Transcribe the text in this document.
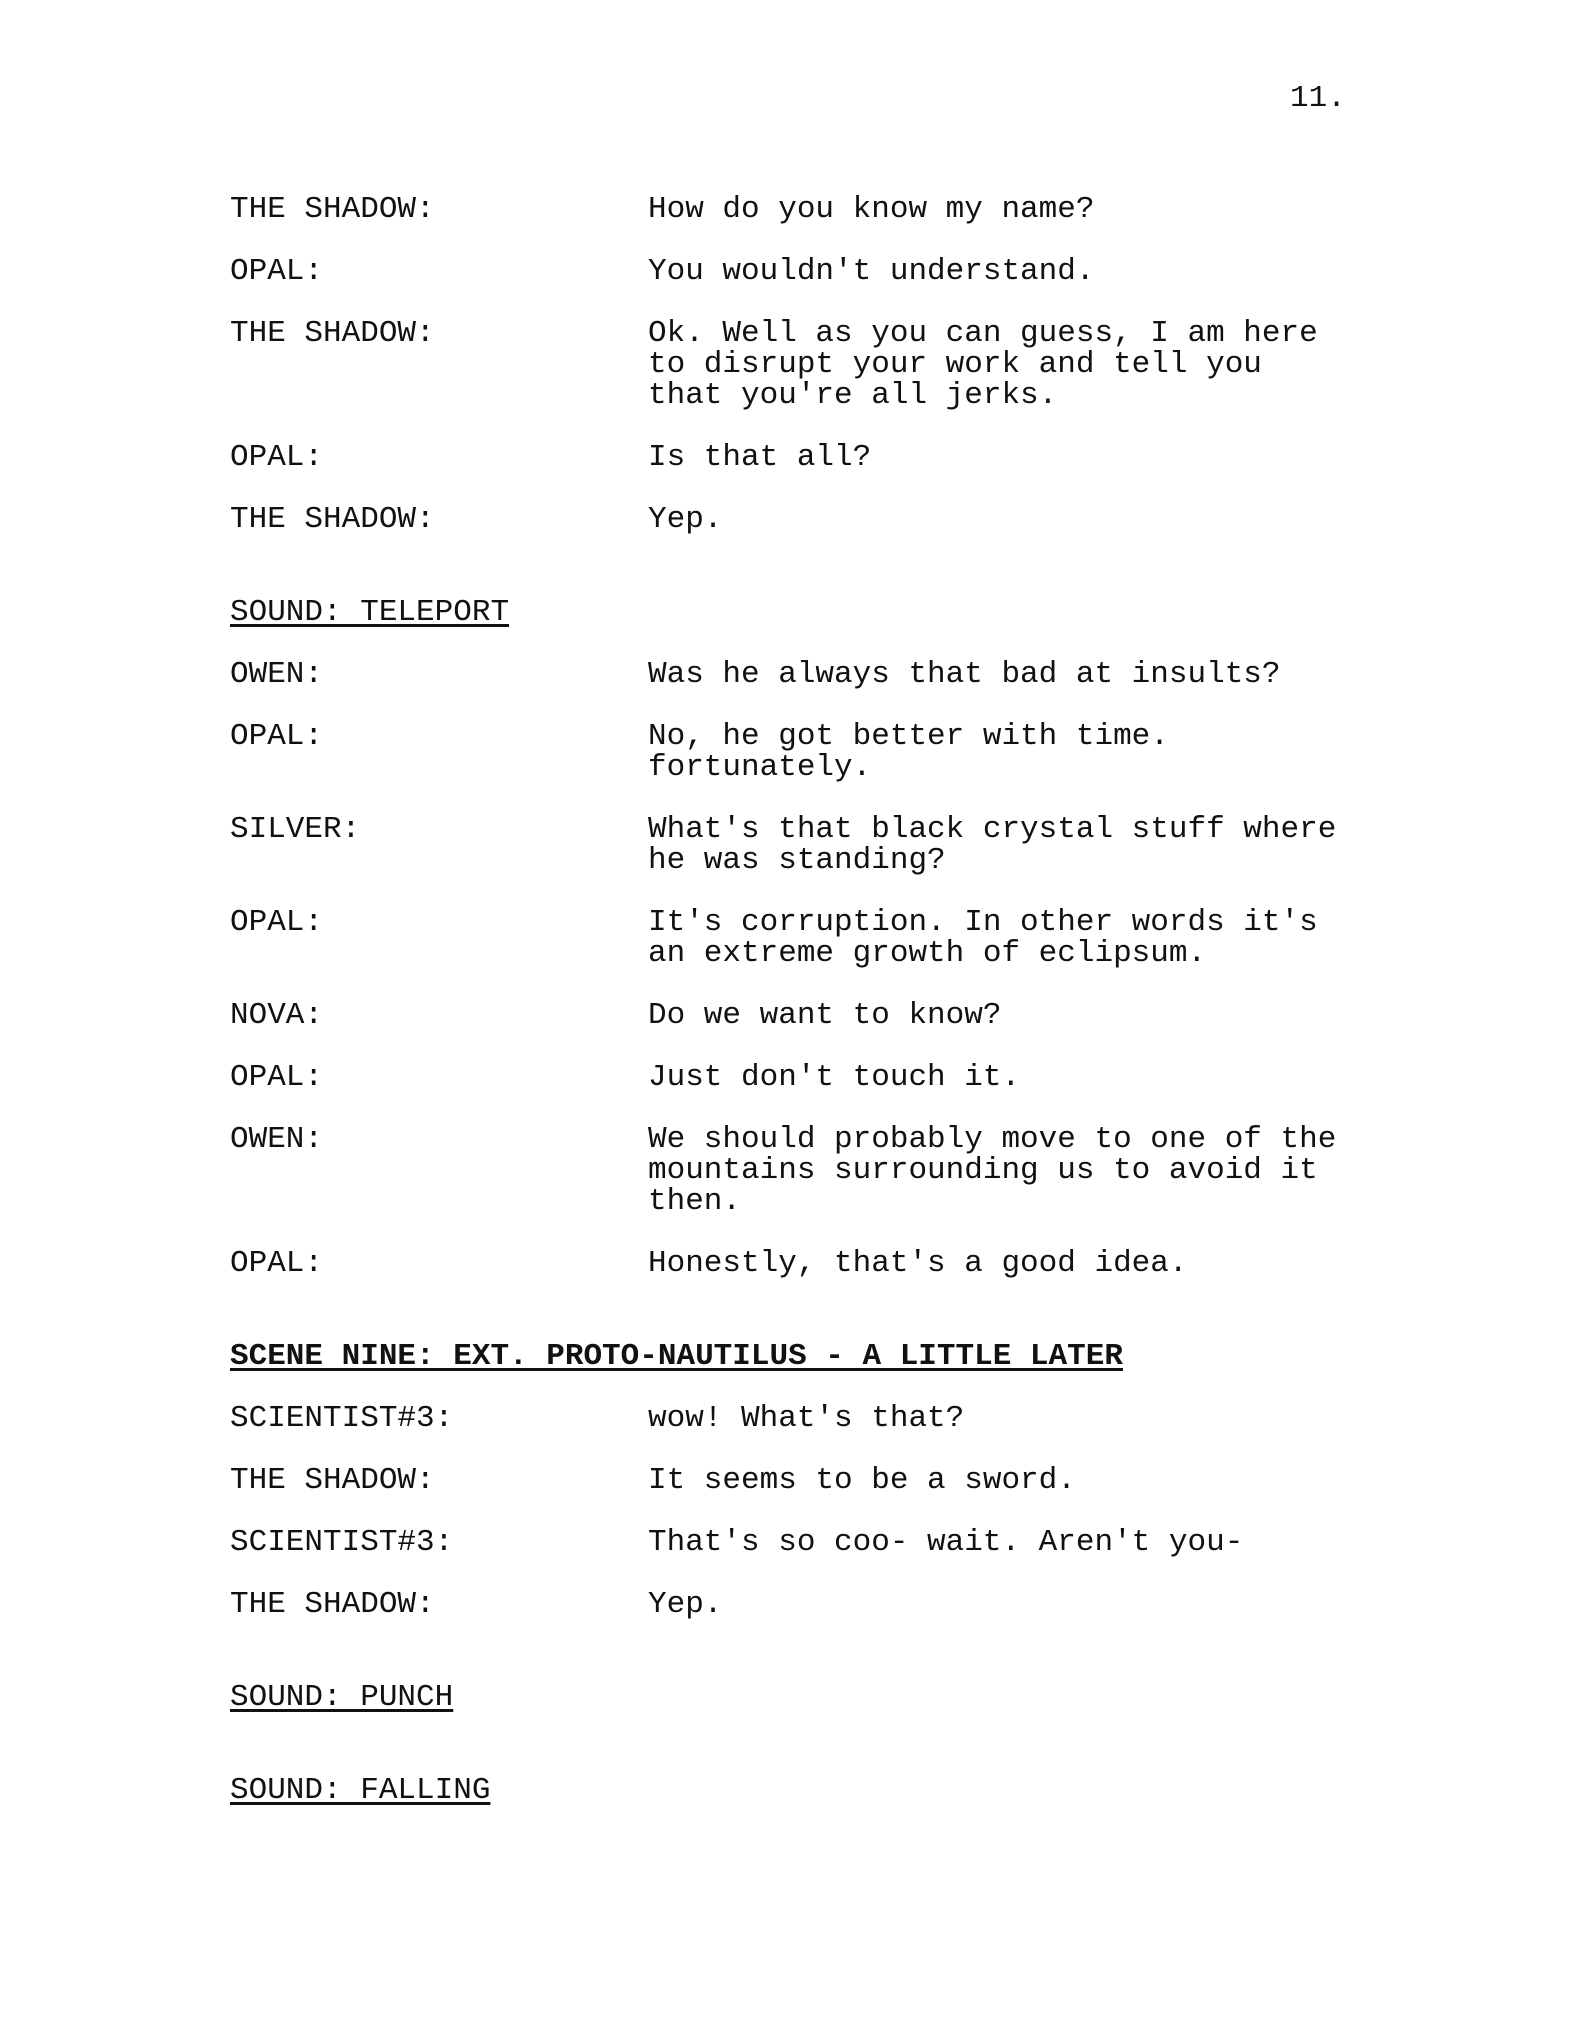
11.
THE SHADOW:	How do you know my name?
OPAL:	You wouldn't understand.
THE SHADOW:	Ok. Well as you can guess, I am here
to disrupt your work and tell you
that you're all jerks.
OPAL:	Is that all?
THE SHADOW:	Yep.
SOUND: TELEPORT
OWEN:	Was he always that bad at insults?
OPAL:	No, he got better with time.
fortunately.
SILVER:	What's that black crystal stuff where
he was standing?
OPAL:	It's corruption. In other words it's
an extreme growth of eclipsum.
NOVA:	Do we want to know?
OPAL:	Just don't touch it.
OWEN:	We should probably move to one of the
mountains surrounding us to avoid it
then.
OPAL:	Honestly, that's a good idea.
SCENE NINE: EXT. PROTO-NAUTILUS - A LITTLE LATER
SCIENTIST#3:	wow! What's that?
THE SHADOW:	It seems to be a sword.
SCIENTIST#3:	That's so coo- wait. Aren't you-
THE SHADOW:	Yep.
SOUND: PUNCH
SOUND: FALLING
